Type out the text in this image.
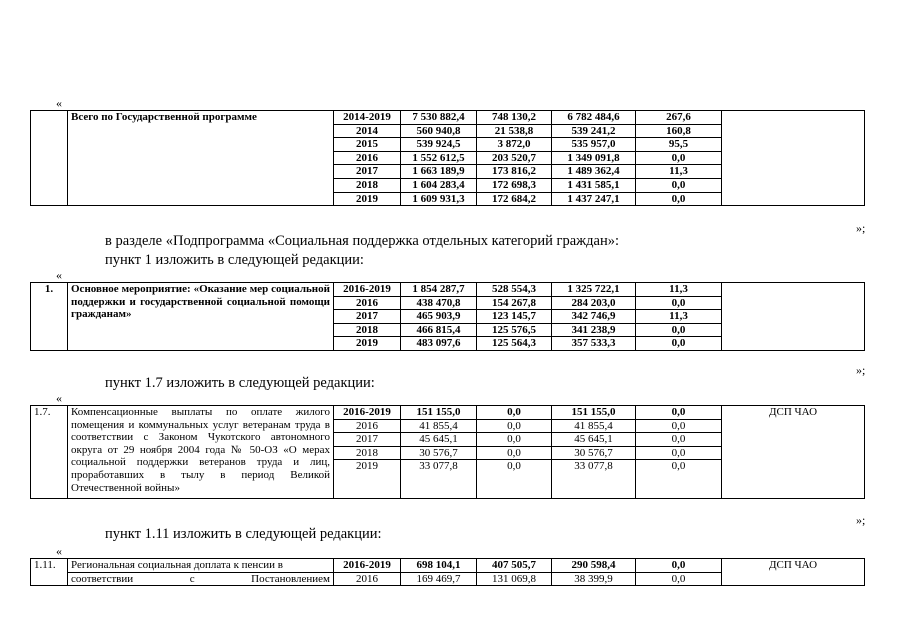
«
	Всего по Государственной программе	2014-2019	7 530 882,4	748 130,2	6 782 484,6	267,6	
		2014	560 940,8	21 538,8	539 241,2	160,8	
		2015	539 924,5	3 872,0	535 957,0	95,5	
		2016	1 552 612,5	203 520,7	1 349 091,8	0,0	
		2017	1 663 189,9	173 816,2	1 489 362,4	11,3	
		2018	1 604 283,4	172 698,3	1 431 585,1	0,0	
		2019	1 609 931,3	172 684,2	1 437 247,1	0,0	
»;
в разделе «Подпрограмма «Социальная поддержка отдельных категорий граждан»:
пункт 1 изложить в следующей редакции:
«
1.	Основное мероприятие: «Оказание мер социальной поддержки и государственной социальной помощи гражданам»	2016-2019	1 854 287,7	528 554,3	1 325 722,1	11,3	
		2016	438 470,8	154 267,8	284 203,0	0,0	
		2017	465 903,9	123 145,7	342 746,9	11,3	
		2018	466 815,4	125 576,5	341 238,9	0,0	
		2019	483 097,6	125 564,3	357 533,3	0,0	
»;
пункт 1.7 изложить в следующей редакции:
«
1.7.	Компенсационные выплаты по оплате жилого помещения и коммунальных услуг ветеранам труда в соответствии с Законом Чукотского автономного округа от 29 ноября 2004 года № 50-ОЗ «О мерах социальной поддержки ветеранов труда и лиц, проработавших в тылу в период Великой Отечественной войны»	2016-2019	151 155,0	0,0	151 155,0	0,0	ДСП ЧАО
		2016	41 855,4	0,0	41 855,4	0,0	
		2017	45 645,1	0,0	45 645,1	0,0	
		2018	30 576,7	0,0	30 576,7	0,0	
		2019	33 077,8	0,0	33 077,8	0,0	
»;
пункт 1.11 изложить в следующей редакции:
«
1.11.	Региональная социальная доплата к пенсии в	2016-2019	698 104,1	407 505,7	290 598,4	0,0	ДСП ЧАО
	соответствии с Постановлением	2016	169 469,7	131 069,8	38 399,9	0,0	
